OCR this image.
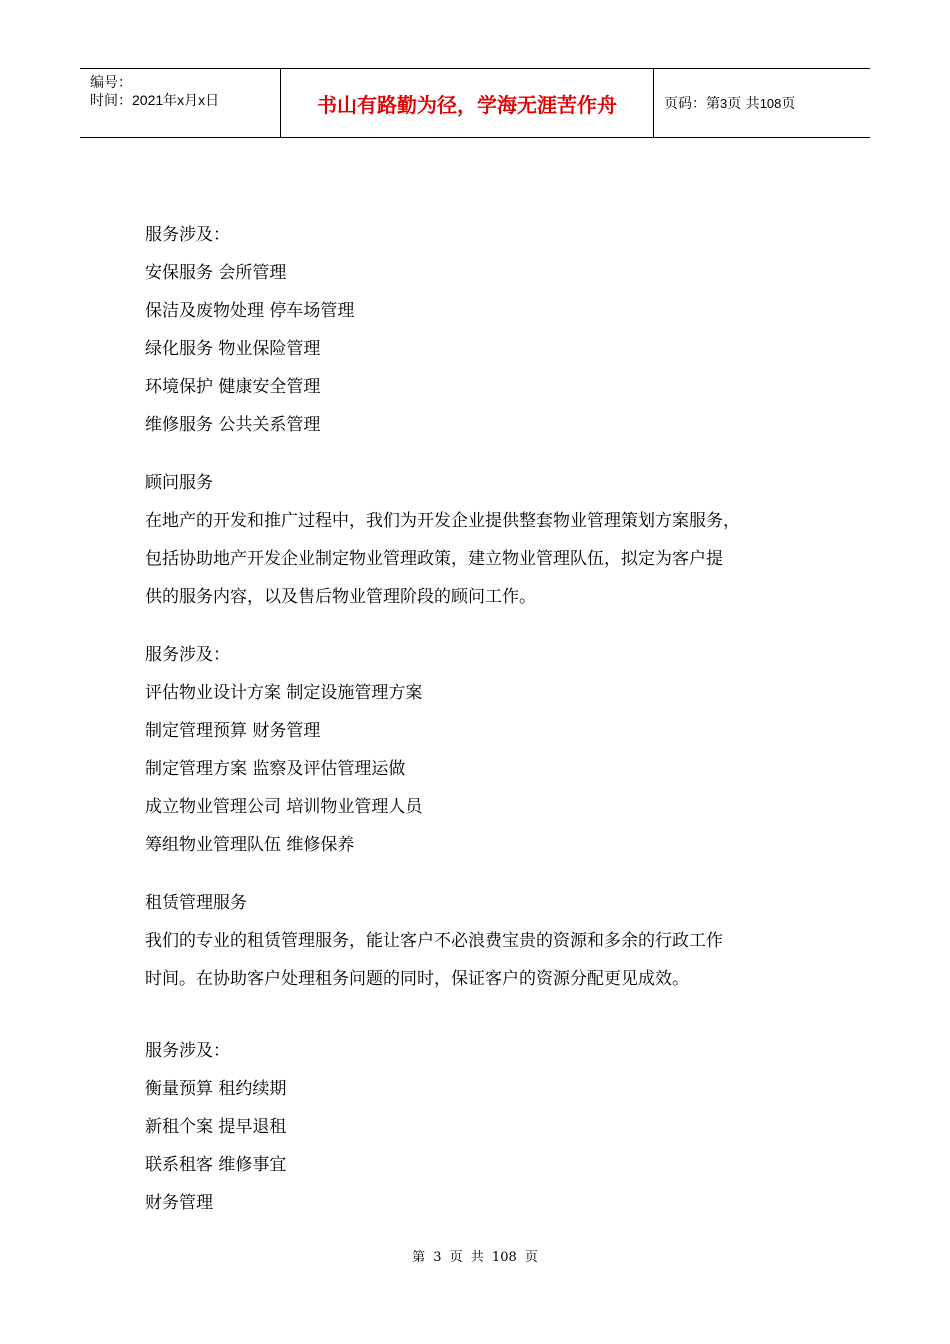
编号：
时间：2021年x月x日	书山有路勤为径，学海无涯苦作舟	页码：第 3 页 共 108 页
服务涉及：
安保服务 会所管理
保洁及废物处理 停车场管理
绿化服务 物业保险管理
环境保护 健康安全管理
维修服务 公共关系管理
顾问服务
在地产的开发和推广过程中，我们为开发企业提供整套物业管理策划方案服务，
包括协助地产开发企业制定物业管理政策，建立物业管理队伍，拟定为客户提
供的服务内容，以及售后物业管理阶段的顾问工作。
服务涉及：
评估物业设计方案 制定设施管理方案
制定管理预算 财务管理
制定管理方案 监察及评估管理运做
成立物业管理公司 培训物业管理人员
筹组物业管理队伍 维修保养
租赁管理服务
我们的专业的租赁管理服务，能让客户不必浪费宝贵的资源和多余的行政工作
时间。在协助客户处理租务问题的同时，保证客户的资源分配更见成效。
服务涉及：
衡量预算 租约续期
新租个案 提早退租
联系租客 维修事宜
财务管理
第 3 页 共 108 页
